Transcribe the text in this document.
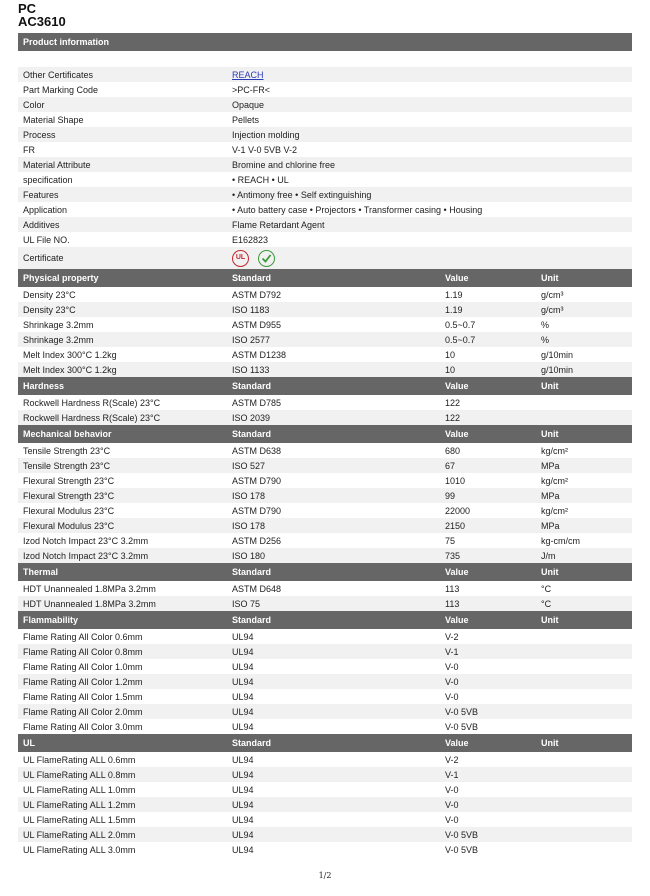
PC
AC3610
Product information
Other Certificates	REACH
Part Marking Code	>PC-FR<
Color	Opaque
Material Shape	Pellets
Process	Injection molding
FR	V-1 V-0 5VB V-2
Material Attribute	Bromine and chlorine free
specification	• REACH • UL
Features	• Antimony free • Self extinguishing
Application	• Auto battery case • Projectors • Transformer casing • Housing
Additives	Flame Retardant Agent
UL File NO.	E162823
Certificate	UL
Physical property	Standard	Value	Unit
Density 23°C	ASTM D792	1.19	g/cm³
Density 23°C	ISO 1183	1.19	g/cm³
Shrinkage 3.2mm	ASTM D955	0.5~0.7	%
Shrinkage 3.2mm	ISO 2577	0.5~0.7	%
Melt Index 300°C 1.2kg	ASTM D1238	10	g/10min
Melt Index 300°C 1.2kg	ISO 1133	10	g/10min
Hardness	Standard	Value	Unit
Rockwell Hardness R(Scale) 23°C	ASTM D785	122
Rockwell Hardness R(Scale) 23°C	ISO 2039	122
Mechanical behavior	Standard	Value	Unit
Tensile Strength 23°C	ASTM D638	680	kg/cm²
Tensile Strength 23°C	ISO 527	67	MPa
Flexural Strength 23°C	ASTM D790	1010	kg/cm²
Flexural Strength 23°C	ISO 178	99	MPa
Flexural Modulus 23°C	ASTM D790	22000	kg/cm²
Flexural Modulus 23°C	ISO 178	2150	MPa
Izod Notch Impact 23°C 3.2mm	ASTM D256	75	kg-cm/cm
Izod Notch Impact 23°C 3.2mm	ISO 180	735	J/m
Thermal	Standard	Value	Unit
HDT Unannealed 1.8MPa 3.2mm	ASTM D648	113	°C
HDT Unannealed 1.8MPa 3.2mm	ISO 75	113	°C
Flammability	Standard	Value	Unit
Flame Rating All Color 0.6mm	UL94	V-2
Flame Rating All Color 0.8mm	UL94	V-1
Flame Rating All Color 1.0mm	UL94	V-0
Flame Rating All Color 1.2mm	UL94	V-0
Flame Rating All Color 1.5mm	UL94	V-0
Flame Rating All Color 2.0mm	UL94	V-0 5VB
Flame Rating All Color 3.0mm	UL94	V-0 5VB
UL	Standard	Value	Unit
UL FlameRating ALL 0.6mm	UL94	V-2
UL FlameRating ALL 0.8mm	UL94	V-1
UL FlameRating ALL 1.0mm	UL94	V-0
UL FlameRating ALL 1.2mm	UL94	V-0
UL FlameRating ALL 1.5mm	UL94	V-0
UL FlameRating ALL 2.0mm	UL94	V-0 5VB
UL FlameRating ALL 3.0mm	UL94	V-0 5VB
1/2
